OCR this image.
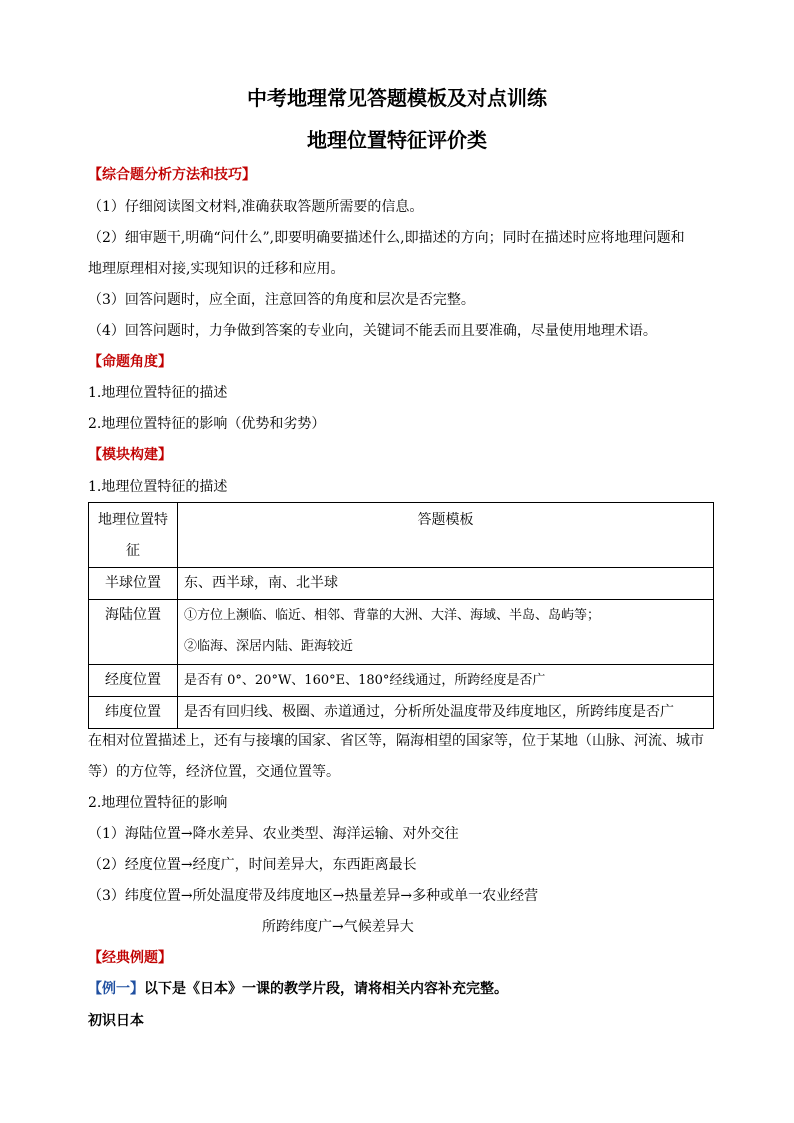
中考地理常见答题模板及对点训练
地理位置特征评价类
【综合题分析方法和技巧】
（1）仔细阅读图文材料,准确获取答题所需要的信息。
（2）细审题干,明确“问什么”,即要明确要描述什么,即描述的方向；同时在描述时应将地理问题和
地理原理相对接,实现知识的迁移和应用。
（3）回答问题时，应全面，注意回答的角度和层次是否完整。
（4）回答问题时，力争做到答案的专业向，关键词不能丢而且要准确，尽量使用地理术语。
【命题角度】
1.地理位置特征的描述
2.地理位置特征的影响（优势和劣势）
【模块构建】
1.地理位置特征的描述
地理位置特
征	答题模板
半球位置	东、西半球，南、北半球
海陆位置	①方位上濒临、临近、相邻、背靠的大洲、大洋、海域、半岛、岛屿等；
②临海、深居内陆、距海较近

经度位置	是否有 0°、20°W、160°E、180°经线通过，所跨经度是否广
纬度位置	是否有回归线、极圈、赤道通过，分析所处温度带及纬度地区，所跨纬度是否广
在相对位置描述上，还有与接壤的国家、省区等，隔海相望的国家等，位于某地（山脉、河流、城市
等）的方位等，经济位置，交通位置等。
2.地理位置特征的影响
（1）海陆位置→降水差异、农业类型、海洋运输、对外交往
（2）经度位置→经度广，时间差异大，东西距离最长
（3）纬度位置→所处温度带及纬度地区→热量差异→多种或单一农业经营
所跨纬度广→气候差异大
【经典例题】
【例一】以下是《日本》一课的教学片段，请将相关内容补充完整。
初识日本
